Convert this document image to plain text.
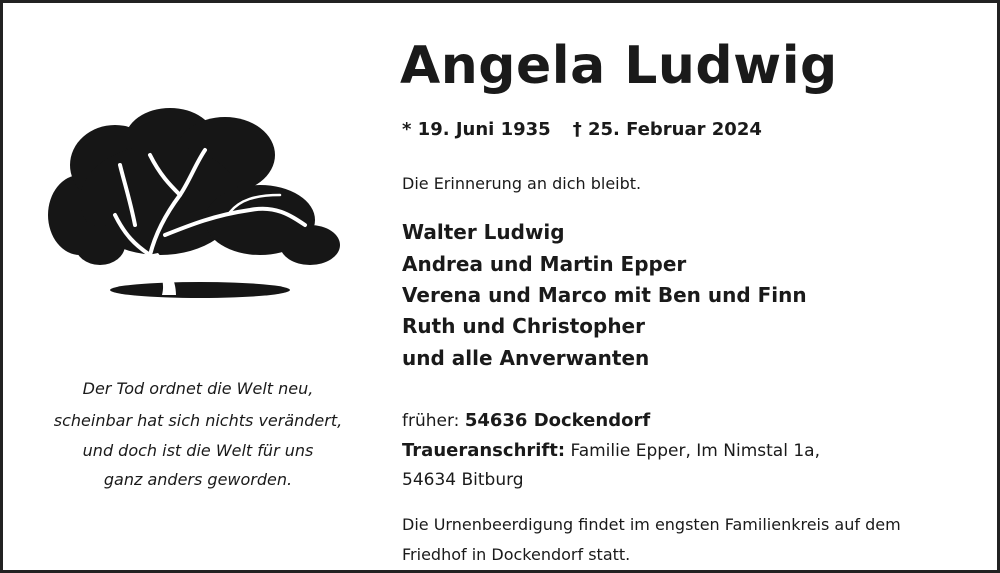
Angela Ludwig
* 19. Juni 1935 † 25. Februar 2024
Die Erinnerung an dich bleibt.
Walter Ludwig
Andrea und Martin Epper
Verena und Marco mit Ben und Finn
Ruth und Christopher
und alle Anverwanten
früher: 54636 Dockendorf
Traueranschrift: Familie Epper, Im Nimstal 1a,
54634 Bitburg
Die Urnenbeerdigung findet im engsten Familienkreis auf dem
Friedhof in Dockendorf statt.
Der Tod ordnet die Welt neu,
scheinbar hat sich nichts verändert,
und doch ist die Welt für uns
ganz anders geworden.
